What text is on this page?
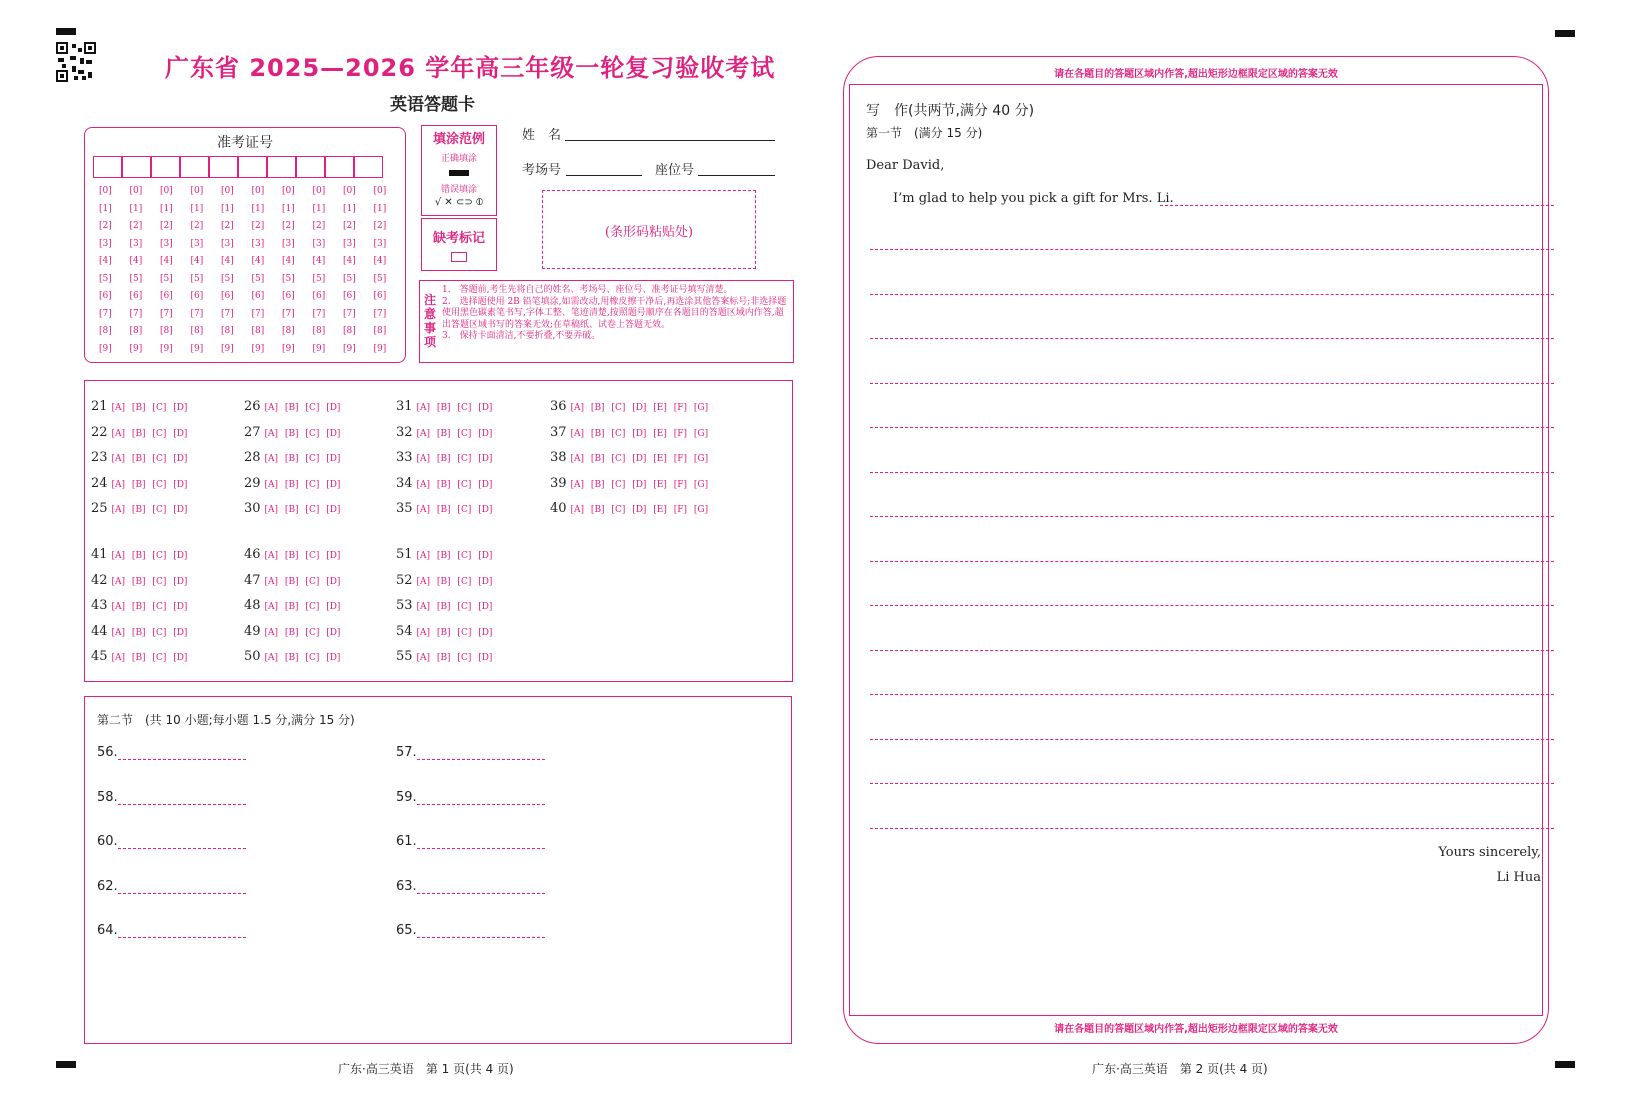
广东省 2025—2026 学年高三年级一轮复习验收考试
英语答题卡
准考证号
[0]	[0]	[0]	[0]	[0]	[0]	[0]	[0]	[0]	[0]
[1]	[1]	[1]	[1]	[1]	[1]	[1]	[1]	[1]	[1]
[2]	[2]	[2]	[2]	[2]	[2]	[2]	[2]	[2]	[2]
[3]	[3]	[3]	[3]	[3]	[3]	[3]	[3]	[3]	[3]
[4]	[4]	[4]	[4]	[4]	[4]	[4]	[4]	[4]	[4]
[5]	[5]	[5]	[5]	[5]	[5]	[5]	[5]	[5]	[5]
[6]	[6]	[6]	[6]	[6]	[6]	[6]	[6]	[6]	[6]
[7]	[7]	[7]	[7]	[7]	[7]	[7]	[7]	[7]	[7]
[8]	[8]	[8]	[8]	[8]	[8]	[8]	[8]	[8]	[8]
[9]	[9]	[9]	[9]	[9]	[9]	[9]	[9]	[9]	[9]
填涂范例
正确填涂
错误填涂
√ ✕ ⊂⊃ ⦶
缺考标记
姓　名
考场号	座位号
(条形码粘贴处)
注意事项
1.　答题前,考生先将自己的姓名、考场号、座位号、准考证号填写清楚。
2.　选择题使用 2B 铅笔填涂,如需改动,用橡皮擦干净后,再选涂其他答案标号;非选择题使用黑色碳素笔书写,字体工整、笔迹清楚,按照题号顺序在各题目的答题区域内作答,超出答题区域书写的答案无效;在草稿纸、试卷上答题无效。
3.　保持卡面清洁,不要折叠,不要弄破。
21 [A] [B] [C] [D]
22 [A] [B] [C] [D]
23 [A] [B] [C] [D]
24 [A] [B] [C] [D]
25 [A] [B] [C] [D]
26 [A] [B] [C] [D]
27 [A] [B] [C] [D]
28 [A] [B] [C] [D]
29 [A] [B] [C] [D]
30 [A] [B] [C] [D]
31 [A] [B] [C] [D]
32 [A] [B] [C] [D]
33 [A] [B] [C] [D]
34 [A] [B] [C] [D]
35 [A] [B] [C] [D]
36 [A] [B] [C] [D] [E] [F] [G]
37 [A] [B] [C] [D] [E] [F] [G]
38 [A] [B] [C] [D] [E] [F] [G]
39 [A] [B] [C] [D] [E] [F] [G]
40 [A] [B] [C] [D] [E] [F] [G]
41 [A] [B] [C] [D]
42 [A] [B] [C] [D]
43 [A] [B] [C] [D]
44 [A] [B] [C] [D]
45 [A] [B] [C] [D]
46 [A] [B] [C] [D]
47 [A] [B] [C] [D]
48 [A] [B] [C] [D]
49 [A] [B] [C] [D]
50 [A] [B] [C] [D]
51 [A] [B] [C] [D]
52 [A] [B] [C] [D]
53 [A] [B] [C] [D]
54 [A] [B] [C] [D]
55 [A] [B] [C] [D]
第二节　(共 10 小题;每小题 1.5 分,满分 15 分)
56.
58.
60.
62.
64.
57.
59.
61.
63.
65.
广东·高三英语　第 1 页(共 4 页)	广东·高三英语　第 2 页(共 4 页)
请在各题目的答题区域内作答,超出矩形边框限定区域的答案无效
请在各题目的答题区域内作答,超出矩形边框限定区域的答案无效
写　作(共两节,满分 40 分)
第一节　(满分 15 分)
Dear David,
I’m glad to help you pick a gift for Mrs. Li.
Yours sincerely,
Li Hua
